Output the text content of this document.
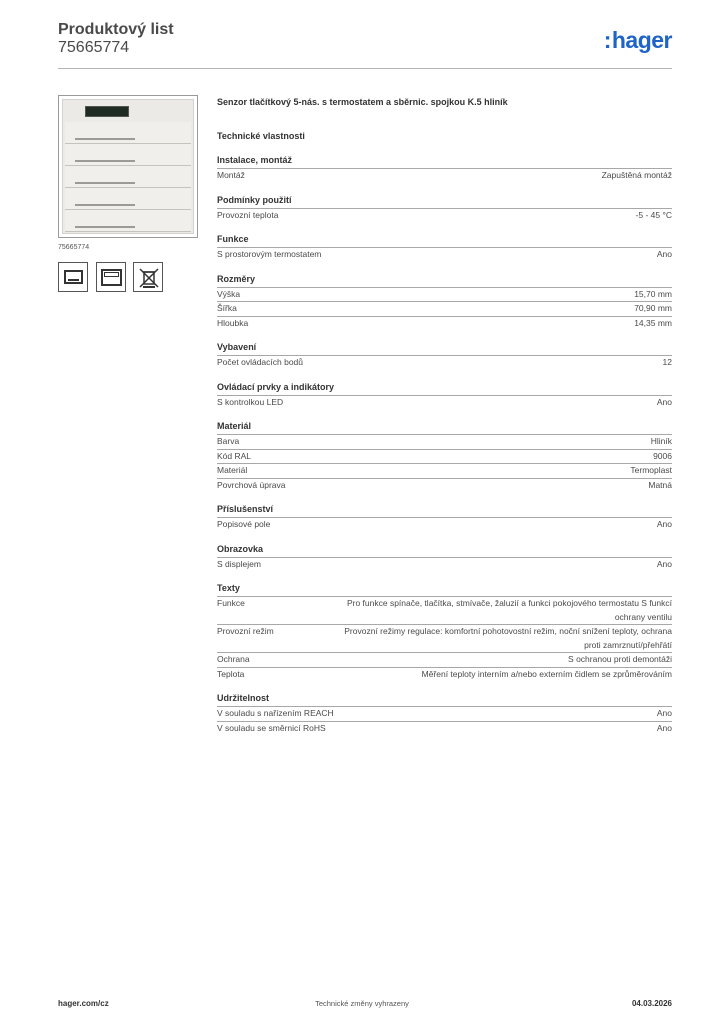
Produktový list
75665774	:hager
75665774
Senzor tlačítkový 5-nás. s termostatem a sběrnic. spojkou K.5 hliník
Technické vlastnosti
Instalace, montáž
Montáž	Zapuštěná montáž
Podmínky použití
Provozní teplota	-5 - 45 °C
Funkce
S prostorovým termostatem	Ano
Rozměry
Výška	15,70 mm
Šířka	70,90 mm
Hloubka	14,35 mm
Vybavení
Počet ovládacích bodů	12
Ovládací prvky a indikátory
S kontrolkou LED	Ano
Materiál
Barva	Hliník
Kód RAL	9006
Materiál	Termoplast
Povrchová úprava	Matná
Příslušenství
Popisové pole	Ano
Obrazovka
S displejem	Ano
Texty
Funkce	Pro funkce spínače, tlačítka, stmívače, žaluzií a funkci pokojového termostatu S funkcí ochrany ventilu
Provozní režim	Provozní režimy regulace: komfortní pohotovostní režim, noční snížení teploty, ochrana proti zamrznutí/přehřátí
Ochrana	S ochranou proti demontáži
Teplota	Měření teploty interním a/nebo externím čidlem se zprůměrováním
Udržitelnost
V souladu s nařízením REACH	Ano
V souladu se směrnicí RoHS	Ano
hager.com/cz	Technické změny vyhrazeny	04.03.2026
